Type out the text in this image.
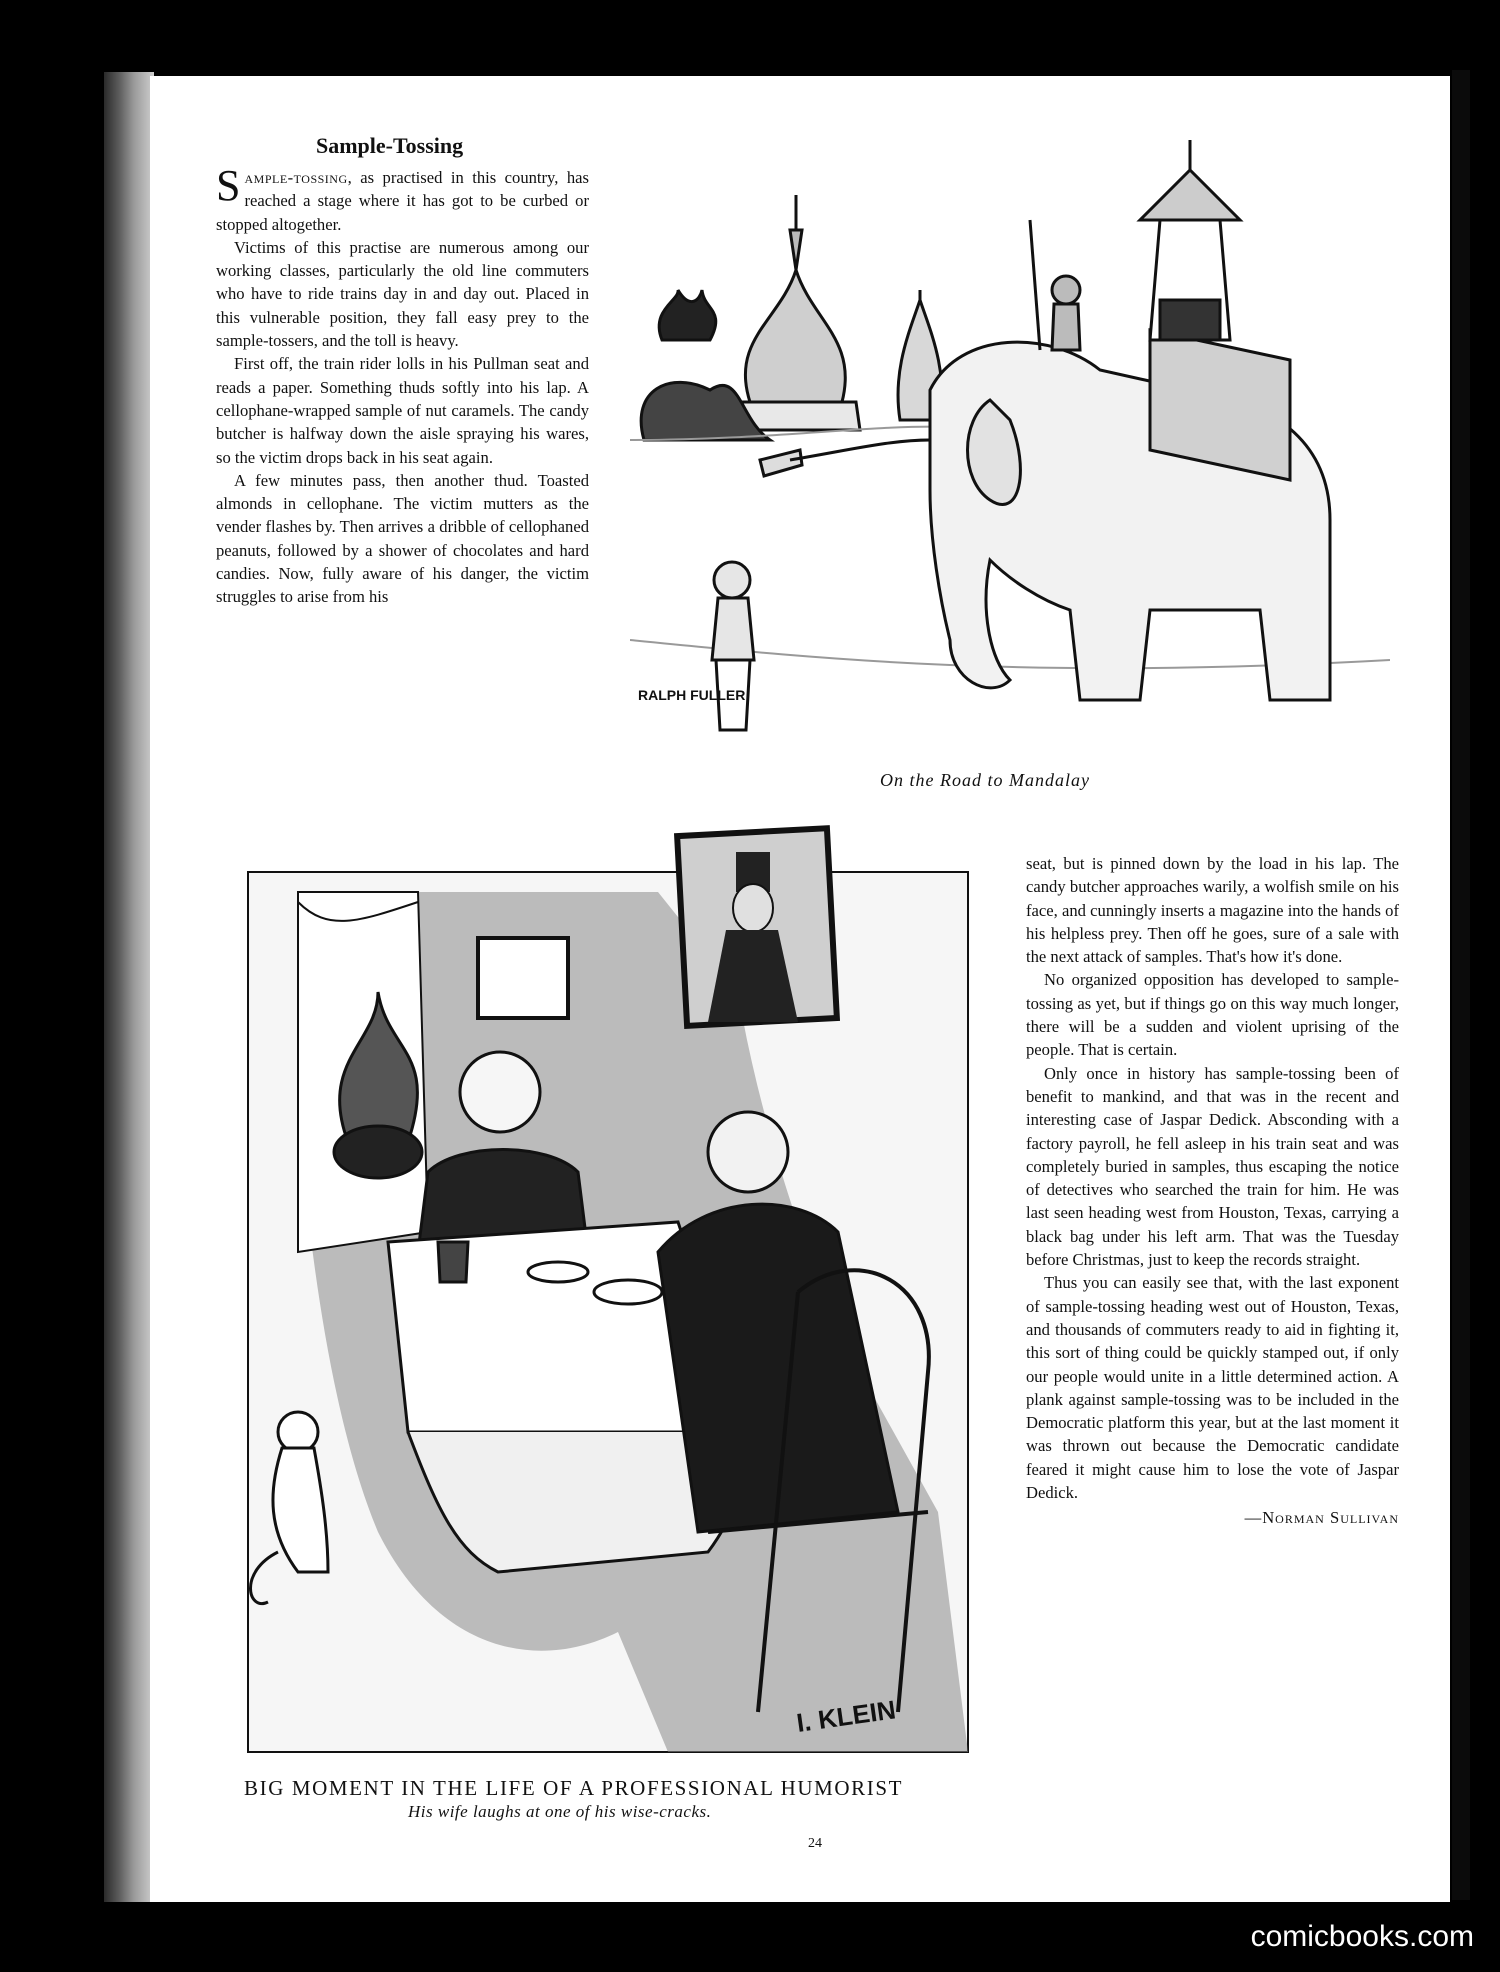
Sample-Tossing

Sample-tossing, as practised in this country, has reached a stage where it has got to be curbed or stopped altogether.

Victims of this practise are numerous among our working classes, particularly the old line commuters who have to ride trains day in and day out. Placed in this vulnerable position, they fall easy prey to the sample-tossers, and the toll is heavy.

First off, the train rider lolls in his Pullman seat and reads a paper. Something thuds softly into his lap. A cellophane-wrapped sample of nut caramels. The candy butcher is halfway down the aisle spraying his wares, so the victim drops back in his seat again.

A few minutes pass, then another thud. Toasted almonds in cellophane. The victim mutters as the vender flashes by. Then arrives a dribble of cellophaned peanuts, followed by a shower of chocolates and hard candies. Now, fully aware of his danger, the victim struggles to arise from his

RALPH FULLER
On the Road to Mandalay
I. KLEIN

seat, but is pinned down by the load in his lap. The candy butcher approaches warily, a wolfish smile on his face, and cunningly inserts a magazine into the hands of his helpless prey. Then off he goes, sure of a sale with the next attack of samples. That's how it's done.

No organized opposition has developed to sample-tossing as yet, but if things go on this way much longer, there will be a sudden and violent uprising of the people. That is certain.

Only once in history has sample-tossing been of benefit to mankind, and that was in the recent and interesting case of Jaspar Dedick. Absconding with a factory payroll, he fell asleep in his train seat and was completely buried in samples, thus escaping the notice of detectives who searched the train for him. He was last seen heading west from Houston, Texas, carrying a black bag under his left arm. That was the Tuesday before Christmas, just to keep the records straight.

Thus you can easily see that, with the last exponent of sample-tossing heading west out of Houston, Texas, and thousands of commuters ready to aid in fighting it, this sort of thing could be quickly stamped out, if only our people would unite in a little determined action. A plank against sample-tossing was to be included in the Democratic platform this year, but at the last moment it was thrown out because the Democratic candidate feared it might cause him to lose the vote of Jaspar Dedick.

—Norman Sullivan
BIG MOMENT IN THE LIFE OF A PROFESSIONAL HUMORIST
His wife laughs at one of his wise-cracks.
24
comicbooks.com
